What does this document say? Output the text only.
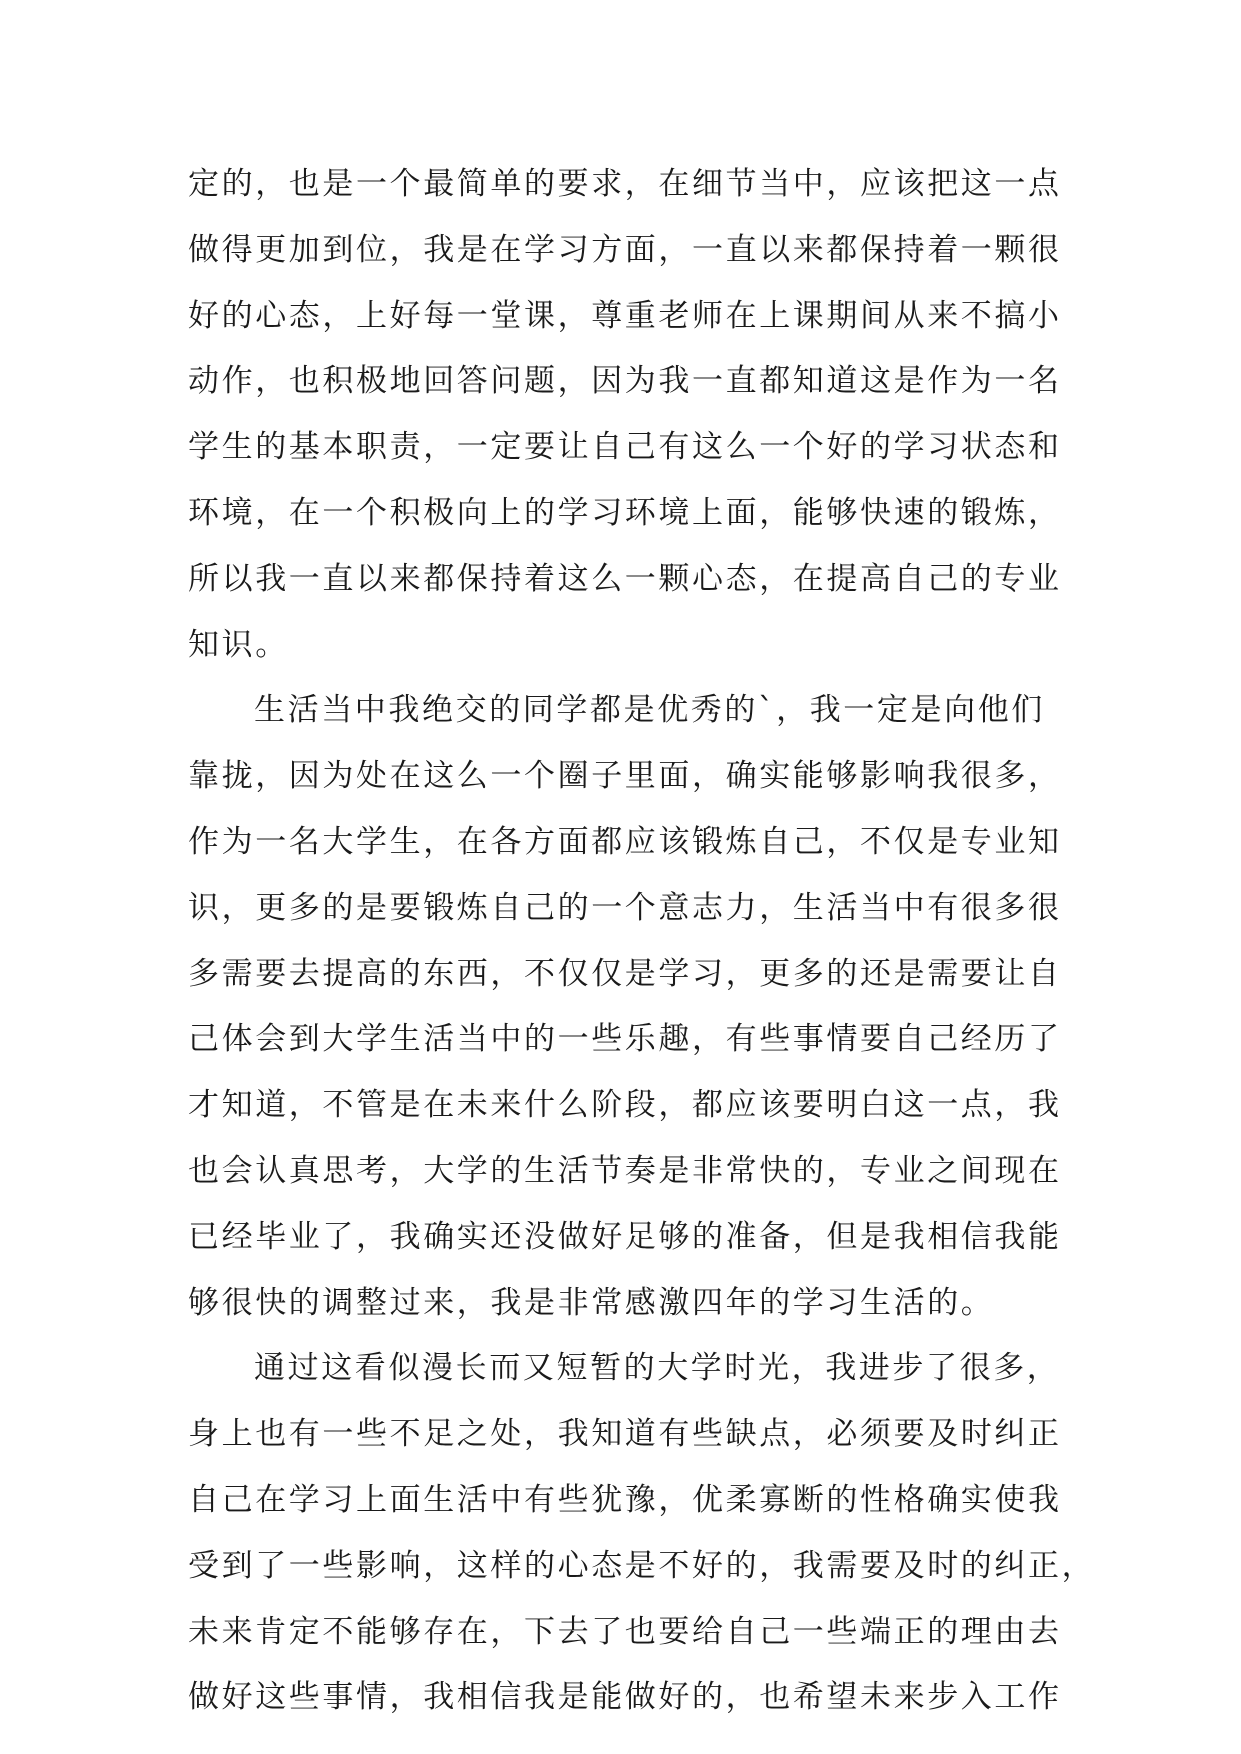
定的，也是一个最简单的要求，在细节当中，应该把这一点
做得更加到位，我是在学习方面，一直以来都保持着一颗很
好的心态，上好每一堂课，尊重老师在上课期间从来不搞小
动作，也积极地回答问题，因为我一直都知道这是作为一名
学生的基本职责，一定要让自己有这么一个好的学习状态和
环境，在一个积极向上的学习环境上面，能够快速的锻炼，
所以我一直以来都保持着这么一颗心态，在提高自己的专业
知识。
生活当中我绝交的同学都是优秀的`，我一定是向他们
靠拢，因为处在这么一个圈子里面，确实能够影响我很多，
作为一名大学生，在各方面都应该锻炼自己，不仅是专业知
识，更多的是要锻炼自己的一个意志力，生活当中有很多很
多需要去提高的东西，不仅仅是学习，更多的还是需要让自
己体会到大学生活当中的一些乐趣，有些事情要自己经历了
才知道，不管是在未来什么阶段，都应该要明白这一点，我
也会认真思考，大学的生活节奏是非常快的，专业之间现在
已经毕业了，我确实还没做好足够的准备，但是我相信我能
够很快的调整过来，我是非常感激四年的学习生活的。
通过这看似漫长而又短暂的大学时光，我进步了很多，
身上也有一些不足之处，我知道有些缺点，必须要及时纠正
自己在学习上面生活中有些犹豫，优柔寡断的性格确实使我
受到了一些影响，这样的心态是不好的，我需要及时的纠正，
未来肯定不能够存在，下去了也要给自己一些端正的理由去
做好这些事情，我相信我是能做好的，也希望未来步入工作
